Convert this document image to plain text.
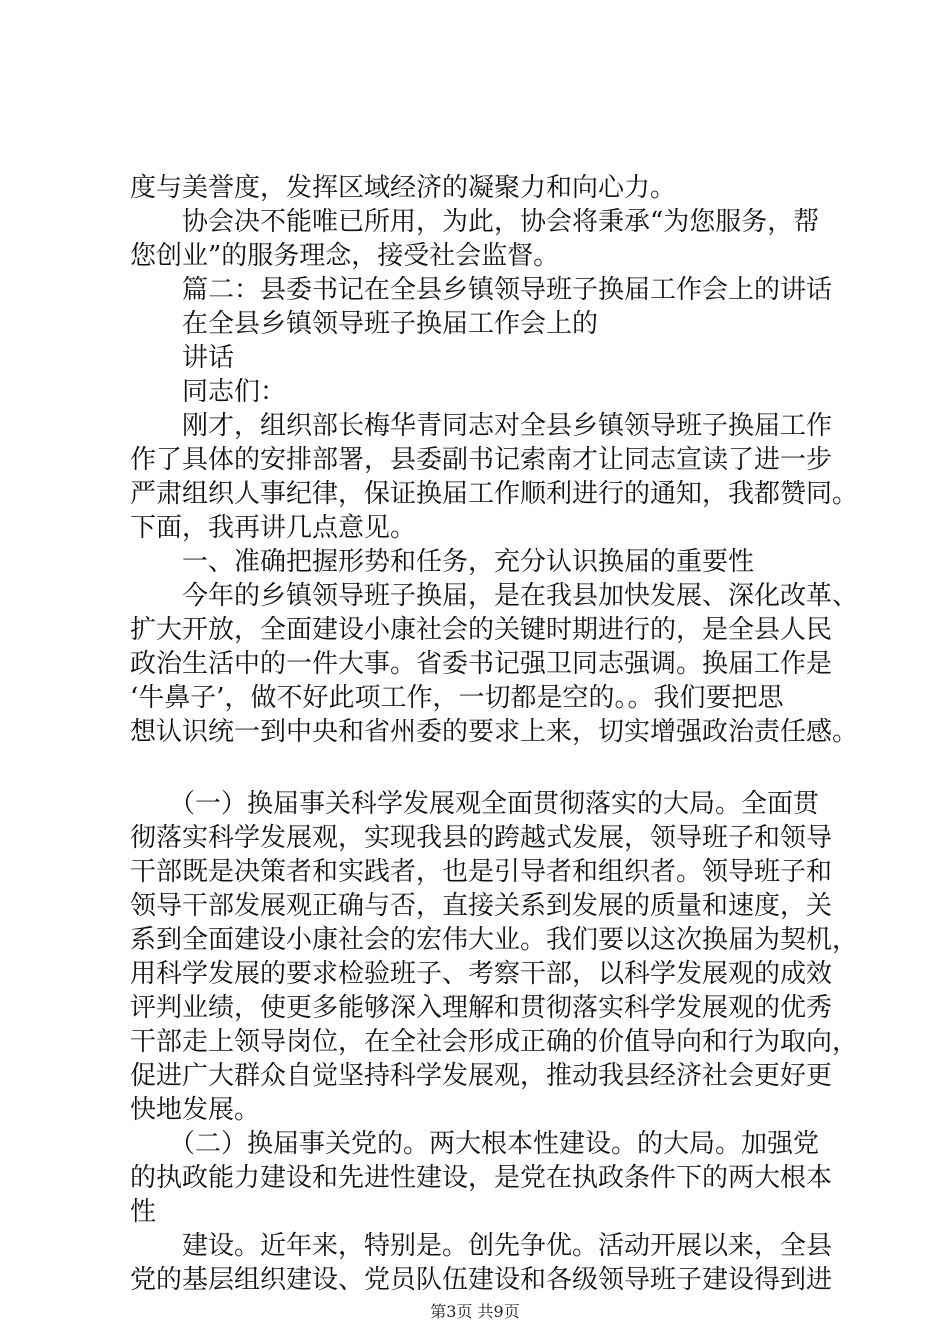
度与美誉度，发挥区域经济的凝聚力和向心力。
　　协会决不能唯已所用，为此，协会将秉承“为您服务，帮
您创业”的服务理念，接受社会监督。
　　篇二：县委书记在全县乡镇领导班子换届工作会上的讲话
　　在全县乡镇领导班子换届工作会上的
　　讲话
　　同志们：
　　刚才，组织部长梅华青同志对全县乡镇领导班子换届工作
作了具体的安排部署，县委副书记索南才让同志宣读了进一步
严肃组织人事纪律，保证换届工作顺利进行的通知，我都赞同。
下面，我再讲几点意见。
　　一、准确把握形势和任务，充分认识换届的重要性
　　今年的乡镇领导班子换届，是在我县加快发展、深化改革、
扩大开放，全面建设小康社会的关键时期进行的，是全县人民
政治生活中的一件大事。省委书记强卫同志强调。换届工作是
‘牛鼻子’，做不好此项工作，一切都是空的。。我们要把思
想认识统一到中央和省州委的要求上来，切实增强政治责任感。
　　（一）换届事关科学发展观全面贯彻落实的大局。全面贯
彻落实科学发展观，实现我县的跨越式发展，领导班子和领导
干部既是决策者和实践者，也是引导者和组织者。领导班子和
领导干部发展观正确与否，直接关系到发展的质量和速度，关
系到全面建设小康社会的宏伟大业。我们要以这次换届为契机，
用科学发展的要求检验班子、考察干部，以科学发展观的成效
评判业绩，使更多能够深入理解和贯彻落实科学发展观的优秀
干部走上领导岗位，在全社会形成正确的价值导向和行为取向，
促进广大群众自觉坚持科学发展观，推动我县经济社会更好更
快地发展。
　　（二）换届事关党的。两大根本性建设。的大局。加强党
的执政能力建设和先进性建设，是党在执政条件下的两大根本
性
　　建设。近年来，特别是。创先争优。活动开展以来，全县
党的基层组织建设、党员队伍建设和各级领导班子建设得到进
第3页 共9页
